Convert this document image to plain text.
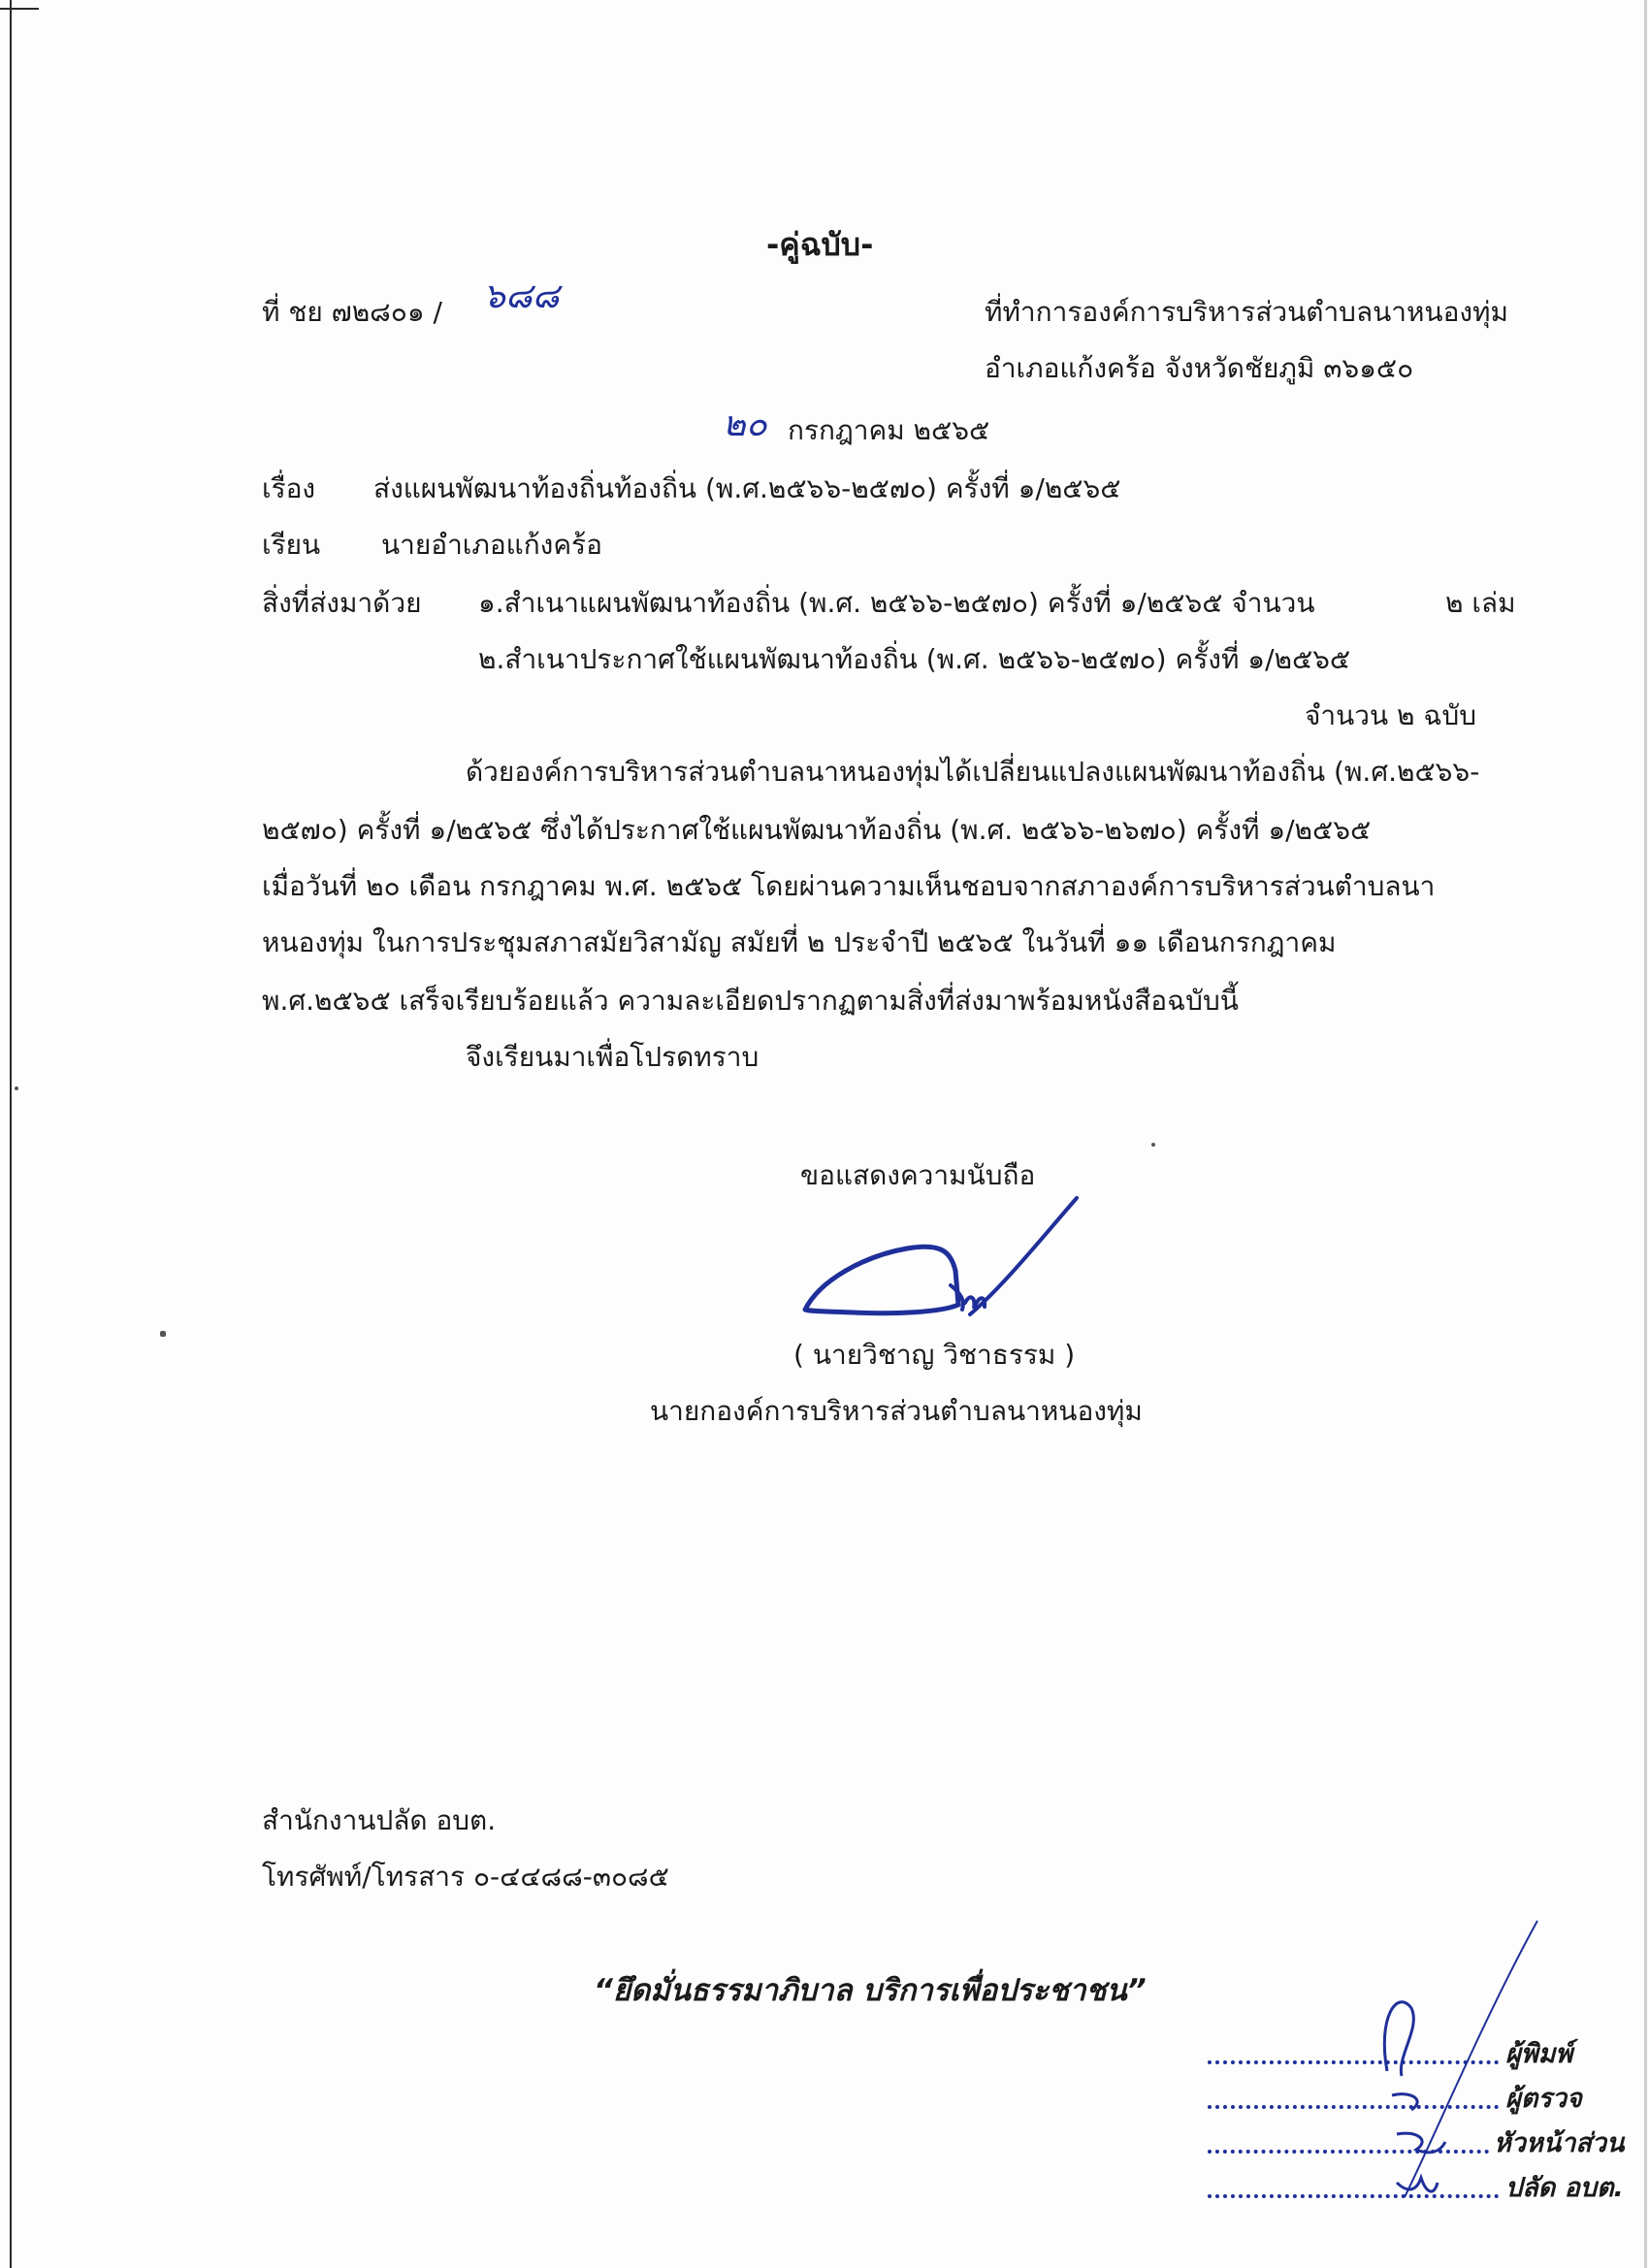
-คู่ฉบับ-
ที่ ชย ๗๒๘๐๑ / ๖๘๘	ที่ทำการองค์การบริหารส่วนตำบลนาหนองทุ่ม
อำเภอแก้งคร้อ จังหวัดชัยภูมิ ๓๖๑๕๐
๒๐ กรกฎาคม ๒๕๖๕
เรื่อง ส่งแผนพัฒนาท้องถิ่นท้องถิ่น (พ.ศ.๒๕๖๖-๒๕๗๐) ครั้งที่ ๑/๒๕๖๕
เรียน นายอำเภอแก้งคร้อ
สิ่งที่ส่งมาด้วย ๑.สำเนาแผนพัฒนาท้องถิ่น (พ.ศ. ๒๕๖๖-๒๕๗๐) ครั้งที่ ๑/๒๕๖๕ จำนวน	๒ เล่ม
๒.สำเนาประกาศใช้แผนพัฒนาท้องถิ่น (พ.ศ. ๒๕๖๖-๒๕๗๐) ครั้งที่ ๑/๒๕๖๕
จำนวน ๒ ฉบับ
ด้วยองค์การบริหารส่วนตำบลนาหนองทุ่มได้เปลี่ยนแปลงแผนพัฒนาท้องถิ่น (พ.ศ.๒๕๖๖-
๒๕๗๐) ครั้งที่ ๑/๒๕๖๕ ซึ่งได้ประกาศใช้แผนพัฒนาท้องถิ่น (พ.ศ. ๒๕๖๖-๒๖๗๐) ครั้งที่ ๑/๒๕๖๕
เมื่อวันที่ ๒๐ เดือน กรกฎาคม พ.ศ. ๒๕๖๕ โดยผ่านความเห็นชอบจากสภาองค์การบริหารส่วนตำบลนา
หนองทุ่ม ในการประชุมสภาสมัยวิสามัญ สมัยที่ ๒ ประจำปี ๒๕๖๕ ในวันที่ ๑๑ เดือนกรกฎาคม
พ.ศ.๒๕๖๕ เสร็จเรียบร้อยแล้ว ความละเอียดปรากฏตามสิ่งที่ส่งมาพร้อมหนังสือฉบับนี้
จึงเรียนมาเพื่อโปรดทราบ
ขอแสดงความนับถือ
( นายวิชาญ วิชาธรรม )
นายกองค์การบริหารส่วนตำบลนาหนองทุ่ม
สำนักงานปลัด อบต.
โทรศัพท์/โทรสาร ๐-๔๔๘๘-๓๐๘๕
“ยึดมั่นธรรมาภิบาล บริการเพื่อประชาชน”
ผู้พิมพ์
ผู้ตรวจ
หัวหน้าส่วน
ปลัด อบต.
